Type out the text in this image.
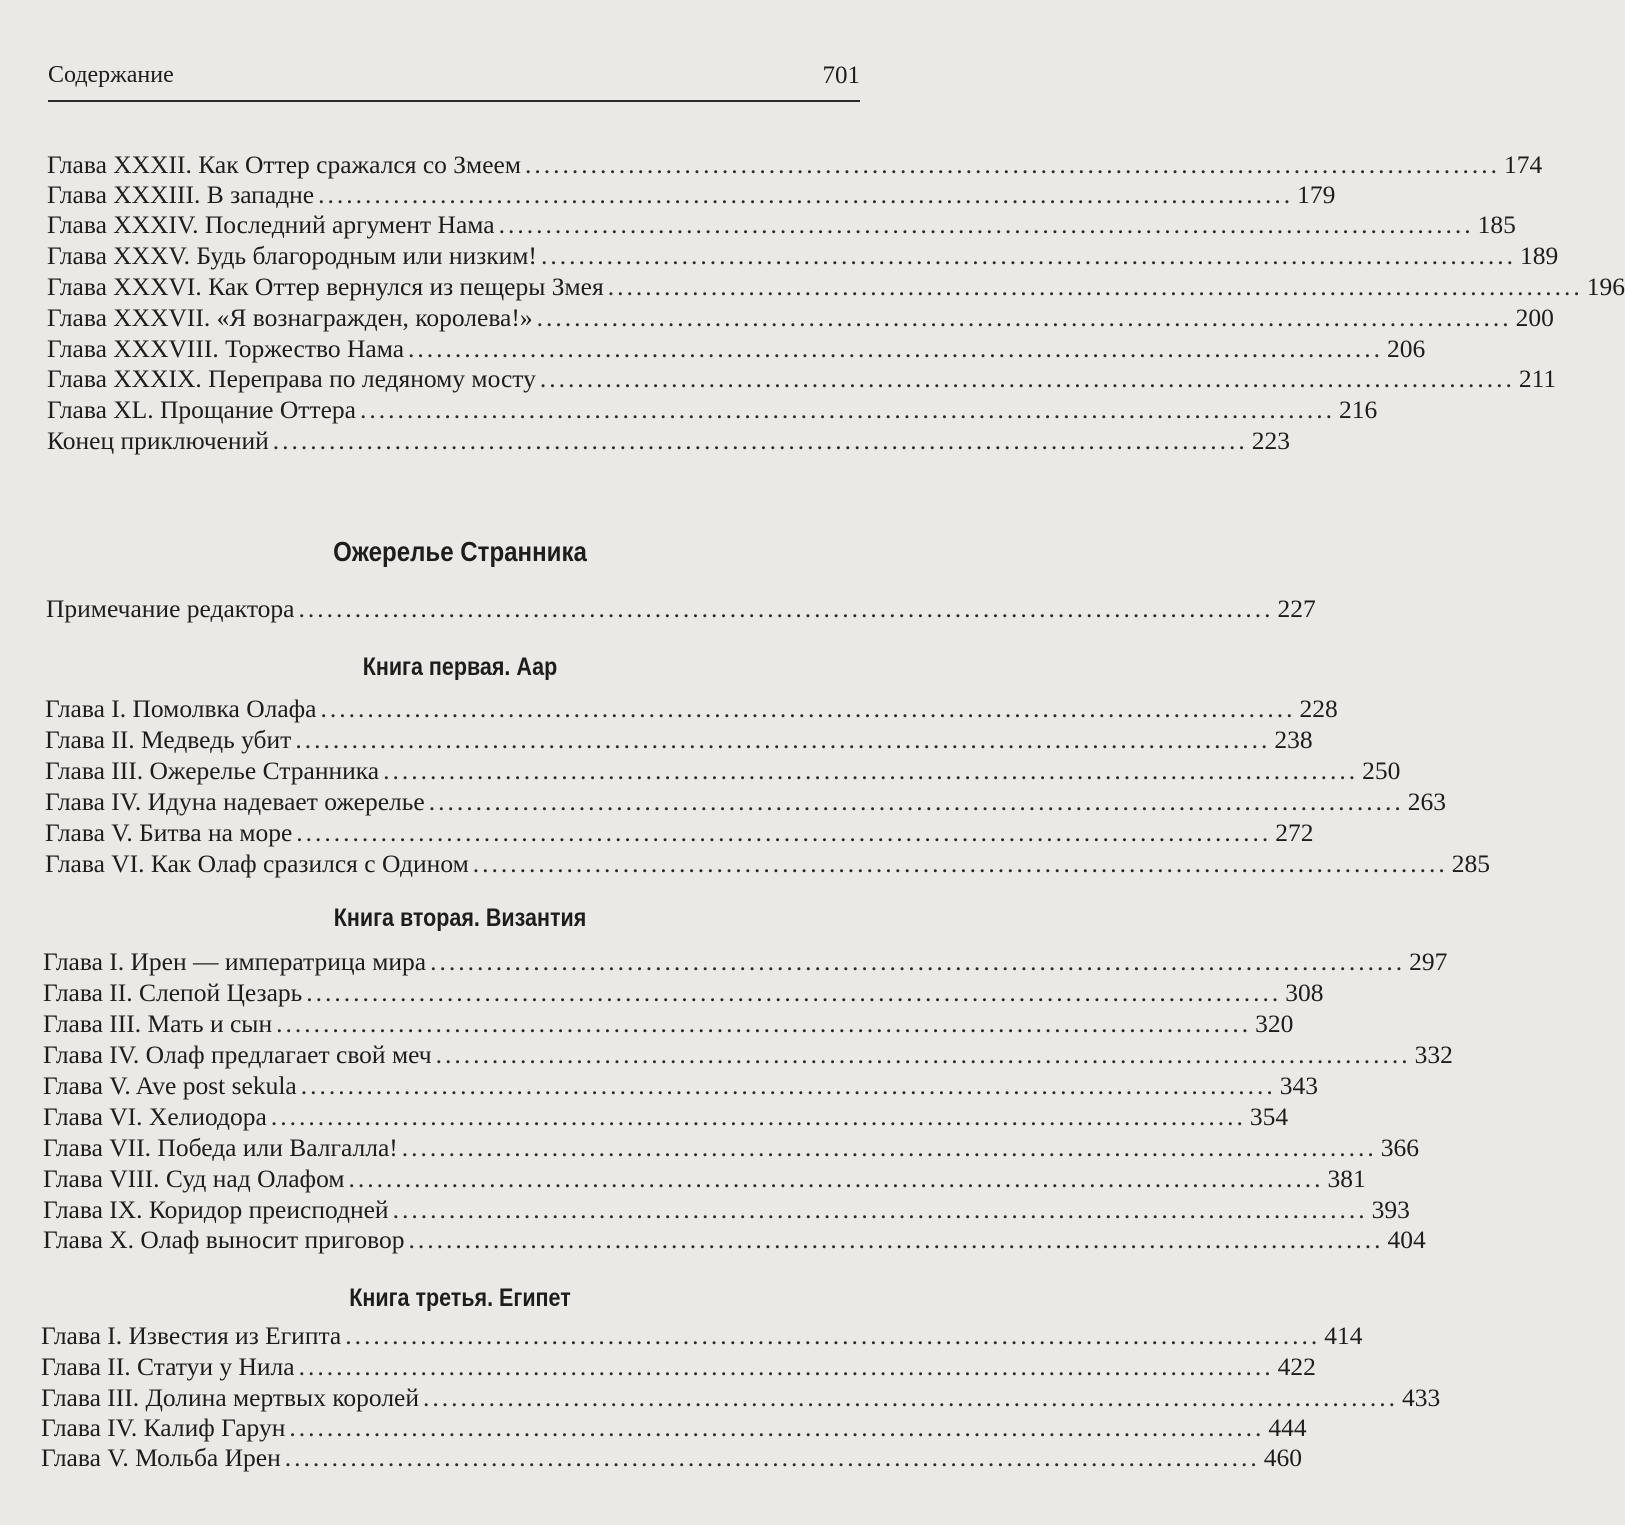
Содержание	701
Глава XXXII. Как Оттер сражался со Змеем ........................................................................................................ 174
Глава XXXIII. В западне ........................................................................................................ 179
Глава XXXIV. Последний аргумент Нама ........................................................................................................ 185
Глава XXXV. Будь благородным или низким! ........................................................................................................ 189
Глава XXXVI. Как Оттер вернулся из пещеры Змея ........................................................................................................ 196
Глава XXXVII. «Я вознагражден, королева!» ........................................................................................................ 200
Глава XXXVIII. Торжество Нама ........................................................................................................ 206
Глава XXXIX. Переправа по ледяному мосту ........................................................................................................ 211
Глава XL. Прощание Оттера ........................................................................................................ 216
Конец приключений ........................................................................................................ 223
Ожерелье Странника
Примечание редактора ........................................................................................................ 227
Книга первая. Аар
Глава I. Помолвка Олафа ........................................................................................................ 228
Глава II. Медведь убит ........................................................................................................ 238
Глава III. Ожерелье Странника ........................................................................................................ 250
Глава IV. Идуна надевает ожерелье ........................................................................................................ 263
Глава V. Битва на море ........................................................................................................ 272
Глава VI. Как Олаф сразился с Одином ........................................................................................................ 285
Книга вторая. Византия
Глава I. Ирен — императрица мира ........................................................................................................ 297
Глава II. Слепой Цезарь ........................................................................................................ 308
Глава III. Мать и сын ........................................................................................................ 320
Глава IV. Олаф предлагает свой меч ........................................................................................................ 332
Глава V. Ave post sekula ........................................................................................................ 343
Глава VI. Хелиодора ........................................................................................................ 354
Глава VII. Победа или Валгалла! ........................................................................................................ 366
Глава VIII. Суд над Олафом ........................................................................................................ 381
Глава IX. Коридор преисподней ........................................................................................................ 393
Глава X. Олаф выносит приговор ........................................................................................................ 404
Книга третья. Египет
Глава I. Известия из Египта ........................................................................................................ 414
Глава II. Статуи у Нила ........................................................................................................ 422
Глава III. Долина мертвых королей ........................................................................................................ 433
Глава IV. Калиф Гарун ........................................................................................................ 444
Глава V. Мольба Ирен ........................................................................................................ 460
